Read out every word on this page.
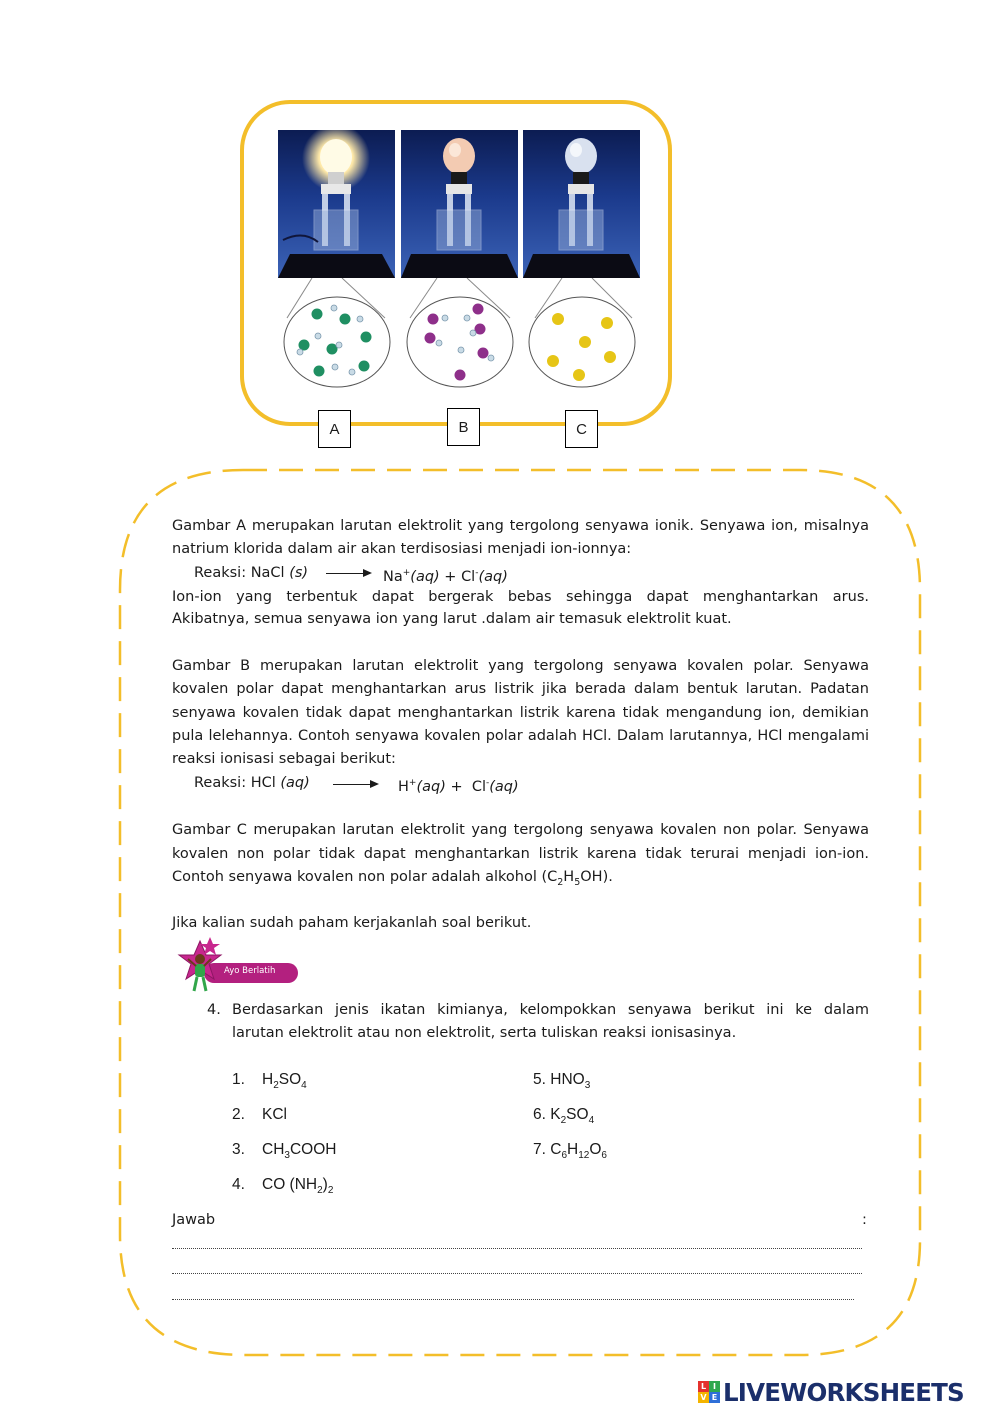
A	B	C
Gambar A merupakan larutan elektrolit yang tergolong senyawa ionik. Senyawa ion, misalnya
natrium klorida dalam air akan terdisosiasi menjadi ion-ionnya:
Reaksi: NaCl (s)	Na+(aq) + Cl-(aq)
Ion-ion yang terbentuk dapat bergerak bebas sehingga dapat menghantarkan arus.
Akibatnya, semua senyawa ion yang larut .dalam air temasuk elektrolit kuat.
Gambar B merupakan larutan elektrolit yang tergolong senyawa kovalen polar. Senyawa
kovalen polar dapat menghantarkan arus listrik jika berada dalam bentuk larutan. Padatan
senyawa kovalen tidak dapat menghantarkan listrik karena tidak mengandung ion, demikian
pula lelehannya. Contoh senyawa kovalen polar adalah HCl. Dalam larutannya, HCl mengalami
reaksi ionisasi sebagai berikut:
Reaksi: HCl (aq)	H+(aq) +  Cl-(aq)
Gambar C merupakan larutan elektrolit yang tergolong senyawa kovalen non polar. Senyawa
kovalen non polar tidak dapat menghantarkan listrik karena tidak terurai menjadi ion-ion.
Contoh senyawa kovalen non polar adalah alkohol $(C_2H_5OH)$.
Jika kalian sudah paham kerjakanlah soal berikut.
Ayo Berlatih
4. Berdasarkan jenis ikatan kimianya, kelompokkan senyawa berikut ini ke dalam
larutan elektrolit atau non elektrolit, serta tuliskan reaksi ionisasinya.
1. $H_2SO_4$
2. KCl
3. $CH_3COOH$
4. CO $(NH_2)_2$
5. $HNO_3$
6. $K_2SO_4$
7. $C_6H_{12}O_6$
Jawab	:
L I
V E LIVEWORKSHEETS
